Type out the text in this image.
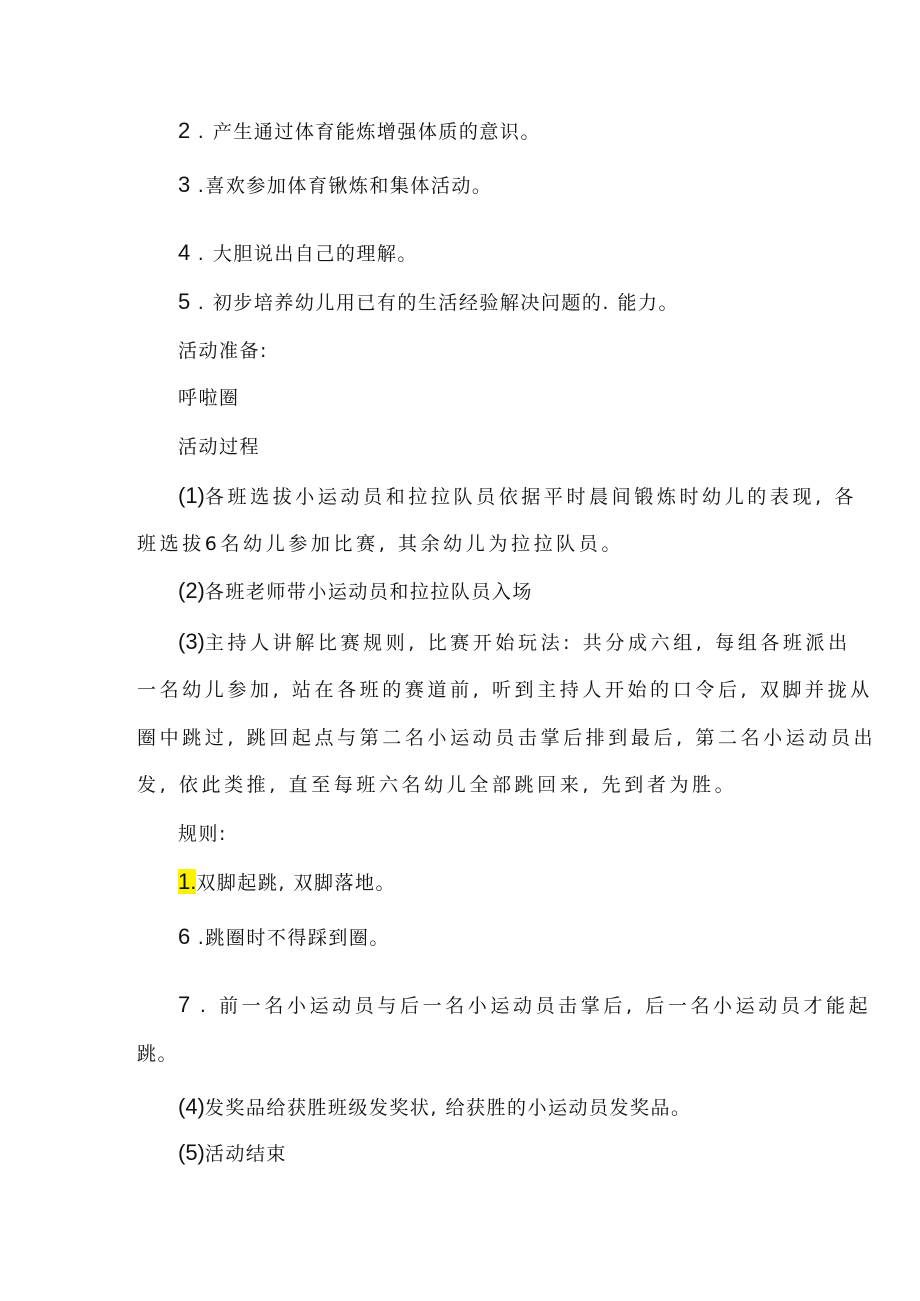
2 . 产生通过体育能炼增强体质的意识。
3 .喜欢参加体育锹炼和集体活动。
4 . 大胆说出自己的理解。
5 . 初步培养幼儿用已有的生活经验解决问题的. 能力。
活动准备:
呼啦圈
活动过程
(1)各班选拔小运动员和拉拉队员依据平时晨间锻炼时幼儿的表现, 各
班选拔6名幼儿参加比赛, 其余幼儿为拉拉队员。
(2)各班老师带小运动员和拉拉队员入场
(3)主持人讲解比赛规则, 比赛开始玩法: 共分成六组, 每组各班派出
一名幼儿参加, 站在各班的赛道前, 听到主持人开始的口令后, 双脚并拢从
圈中跳过, 跳回起点与第二名小运动员击掌后排到最后, 第二名小运动员出
发, 依此类推, 直至每班六名幼儿全部跳回来, 先到者为胜。
规则:
1.双脚起跳, 双脚落地。
6 .跳圈时不得踩到圈。
7 . 前一名小运动员与后一名小运动员击掌后, 后一名小运动员才能起
跳。
(4)发奖品给获胜班级发奖状, 给获胜的小运动员发奖品。
(5)活动结束
